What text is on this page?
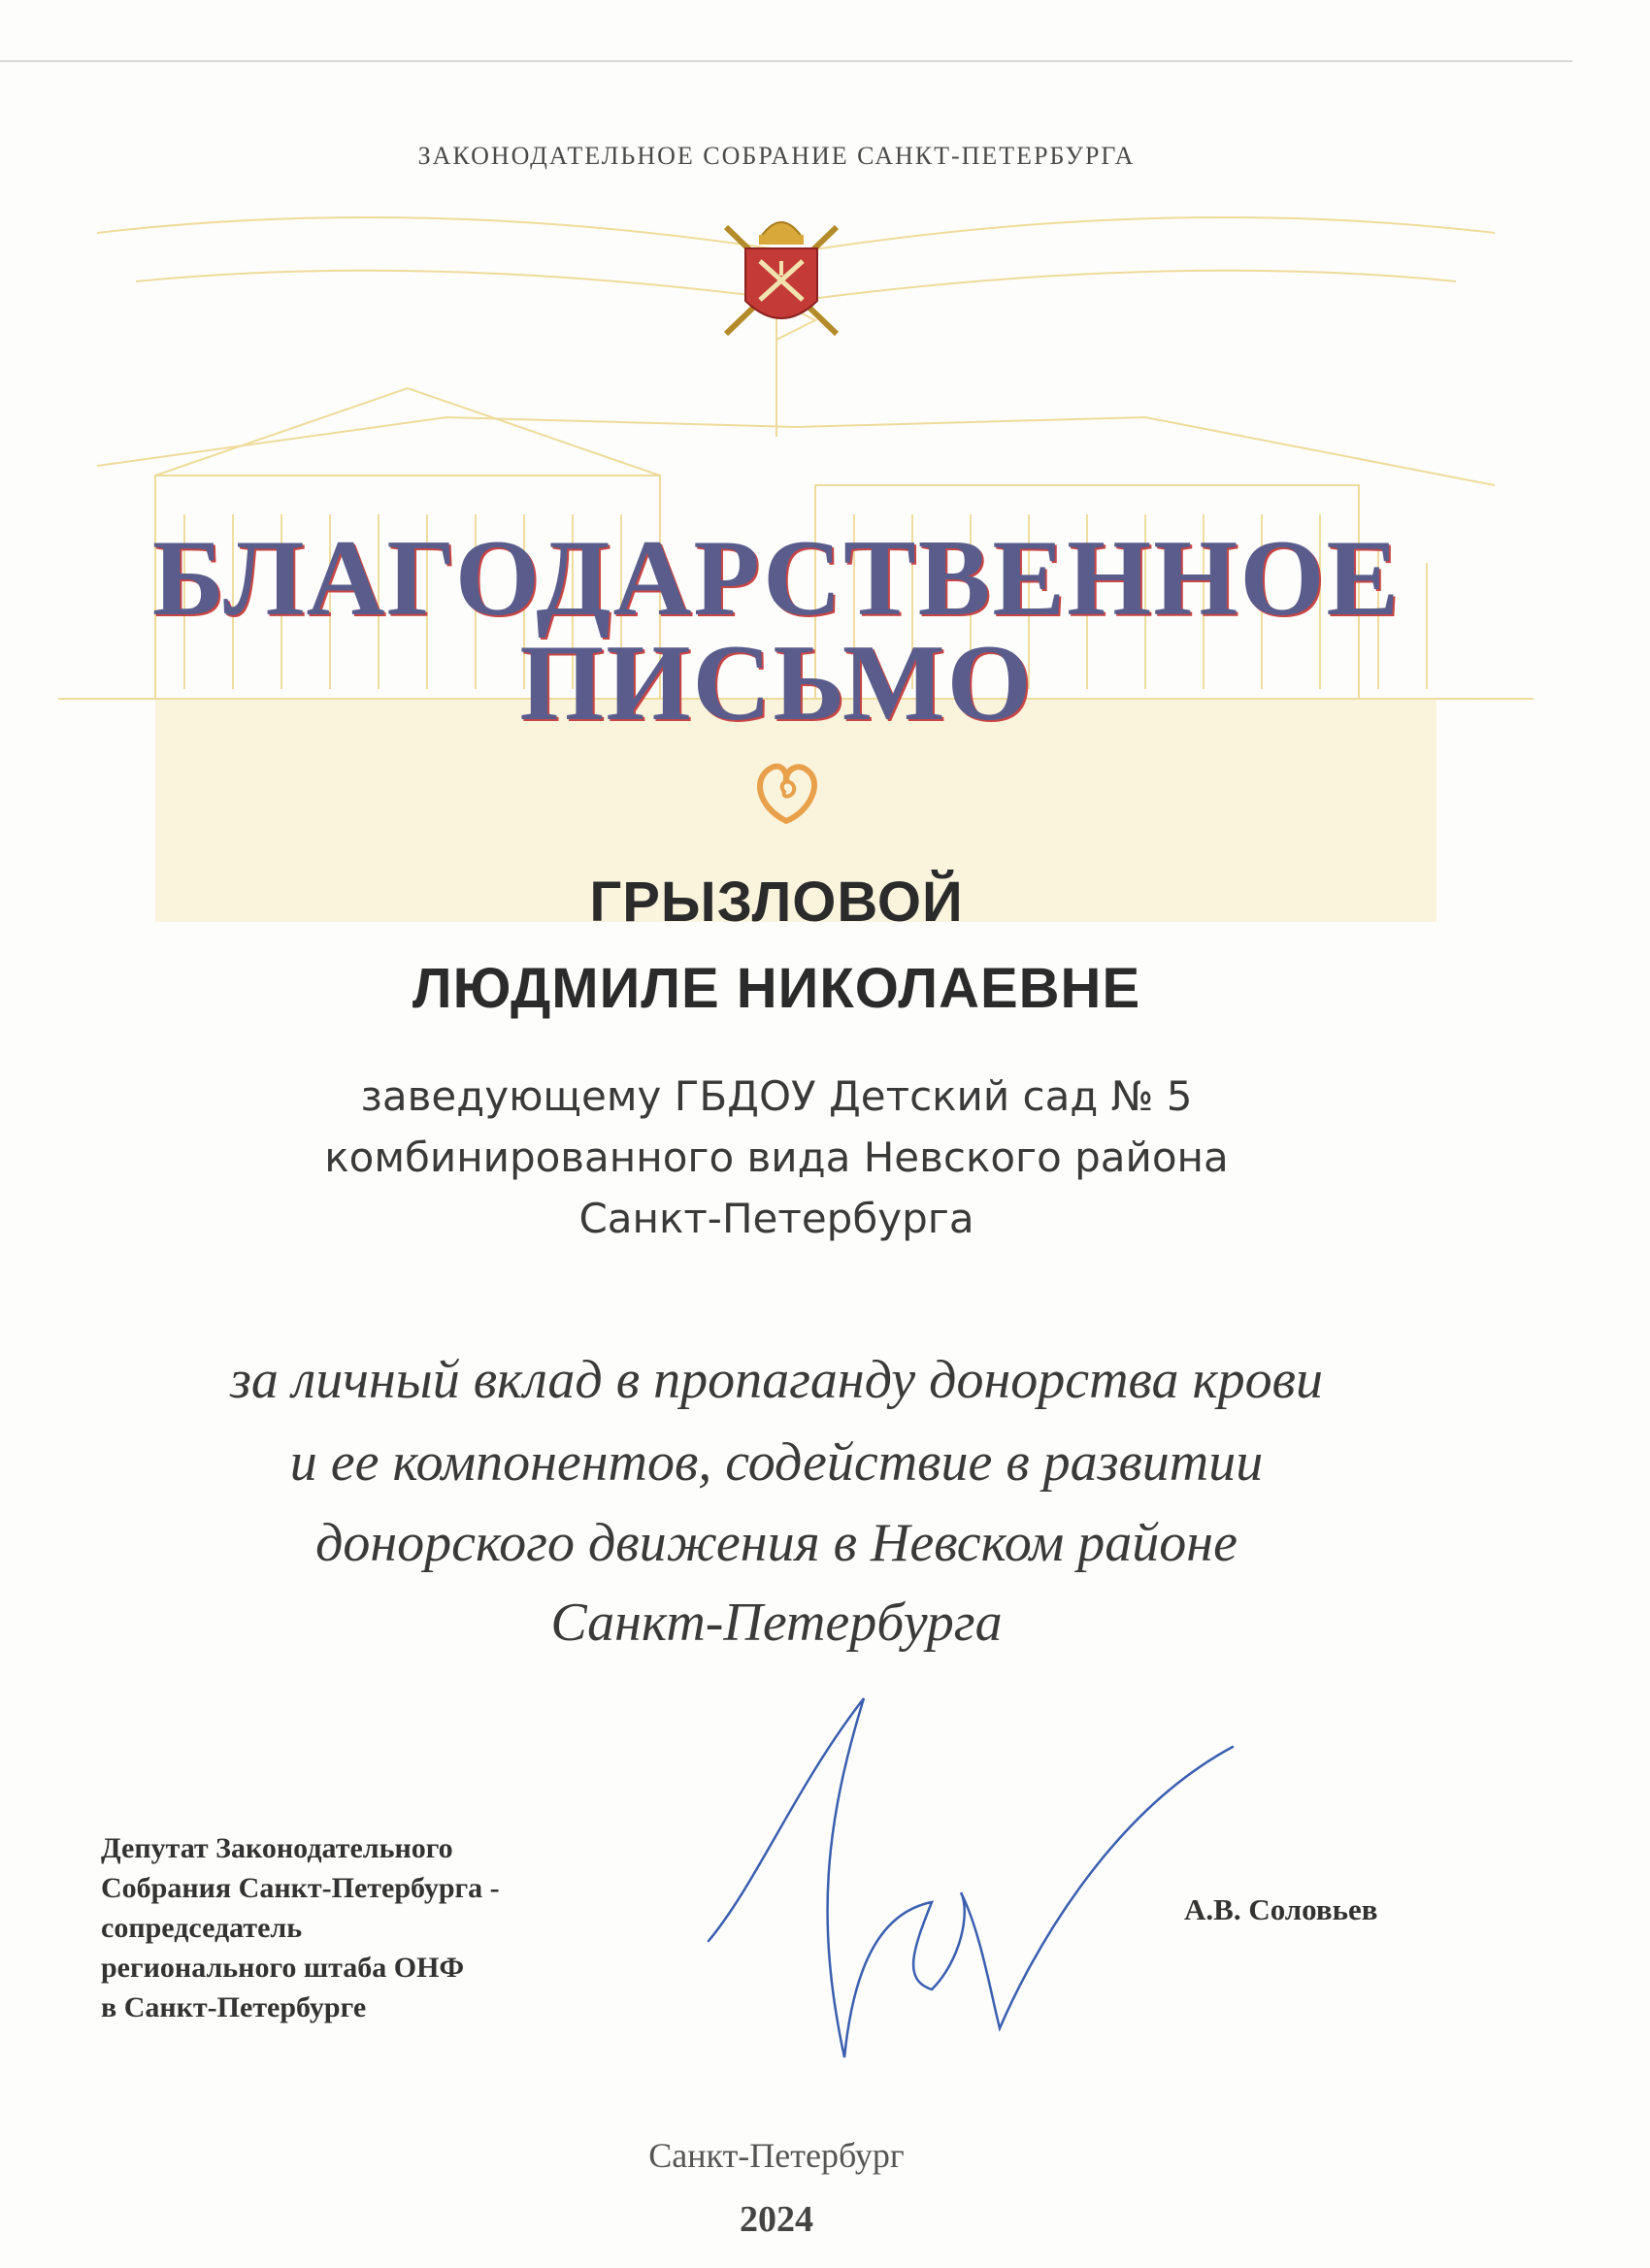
ЗАКОНОДАТЕЛЬНОЕ СОБРАНИЕ САНКТ-ПЕТЕРБУРГА
БЛАГОДАРСТВЕННОЕ
ПИСЬМО
ГРЫЗЛОВОЙ
ЛЮДМИЛЕ НИКОЛАЕВНЕ
заведующему ГБДОУ Детский сад № 5
комбинированного вида Невского района
Санкт-Петербурга
за личный вклад в пропаганду донорства крови
и ее компонентов, содействие в развитии
донорского движения в Невском районе
Санкт-Петербурга
Депутат Законодательного
Собрания Санкт-Петербурга -
сопредседатель
регионального штаба ОНФ
в Санкт-Петербурге
А.В. Соловьев
Санкт-Петербург
2024
